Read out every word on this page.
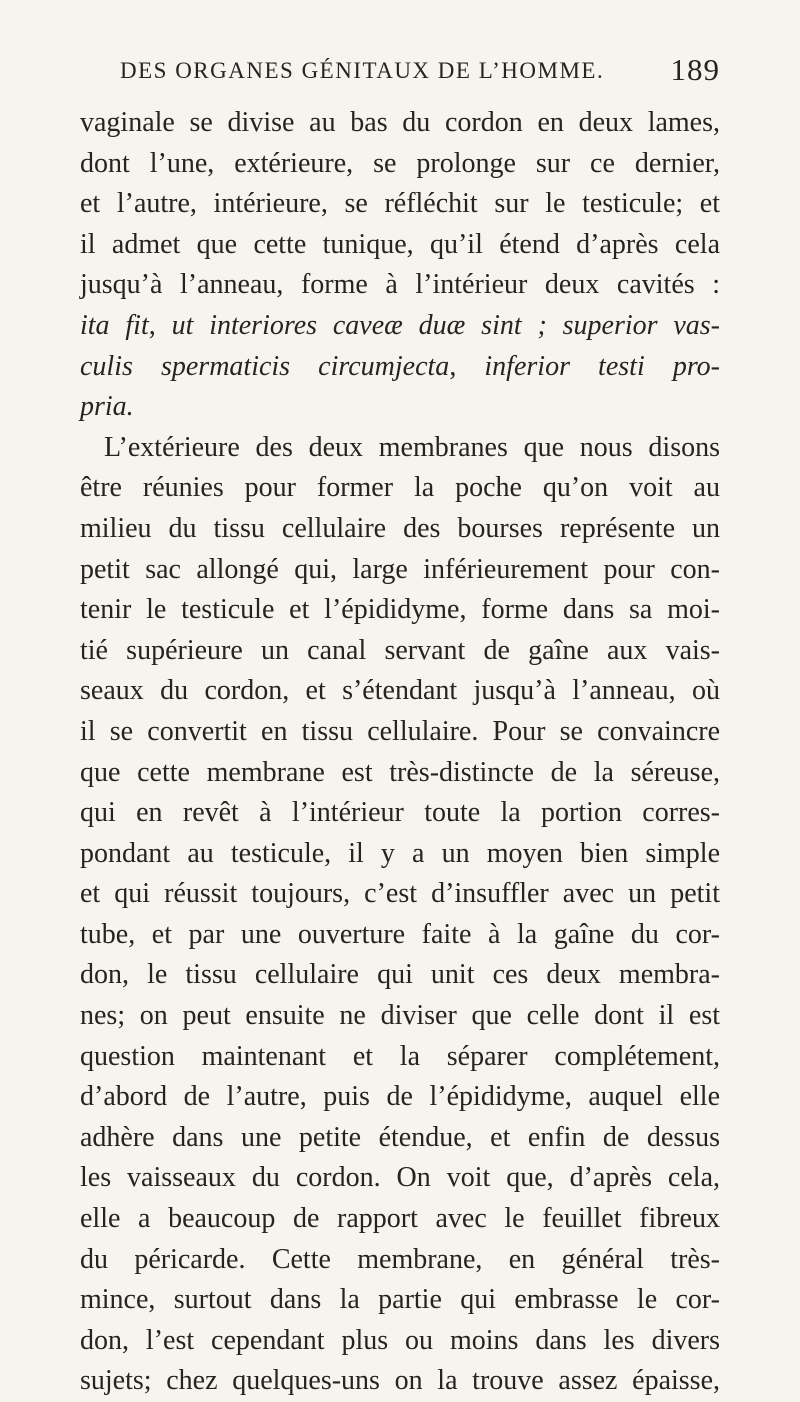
DES ORGANES GÉNITAUX DE L’HOMME. 189
vaginale se divise au bas du cordon en deux lames,
dont l’une, extérieure, se prolonge sur ce dernier,
et l’autre, intérieure, se réfléchit sur le testicule; et
il admet que cette tunique, qu’il étend d’après cela
jusqu’à l’anneau, forme à l’intérieur deux cavités :
ita fit, ut interiores caveæ duæ sint ; superior vas-
culis spermaticis circumjecta, inferior testi pro-
pria.
L’extérieure des deux membranes que nous disons
être réunies pour former la poche qu’on voit au
milieu du tissu cellulaire des bourses représente un
petit sac allongé qui, large inférieurement pour con-
tenir le testicule et l’épididyme, forme dans sa moi-
tié supérieure un canal servant de gaîne aux vais-
seaux du cordon, et s’étendant jusqu’à l’anneau, où
il se convertit en tissu cellulaire. Pour se convaincre
que cette membrane est très-distincte de la séreuse,
qui en revêt à l’intérieur toute la portion corres-
pondant au testicule, il y a un moyen bien simple
et qui réussit toujours, c’est d’insuffler avec un petit
tube, et par une ouverture faite à la gaîne du cor-
don, le tissu cellulaire qui unit ces deux membra-
nes; on peut ensuite ne diviser que celle dont il est
question maintenant et la séparer complétement,
d’abord de l’autre, puis de l’épididyme, auquel elle
adhère dans une petite étendue, et enfin de dessus
les vaisseaux du cordon. On voit que, d’après cela,
elle a beaucoup de rapport avec le feuillet fibreux
du péricarde. Cette membrane, en général très-
mince, surtout dans la partie qui embrasse le cor-
don, l’est cependant plus ou moins dans les divers
sujets; chez quelques-uns on la trouve assez épaisse,
